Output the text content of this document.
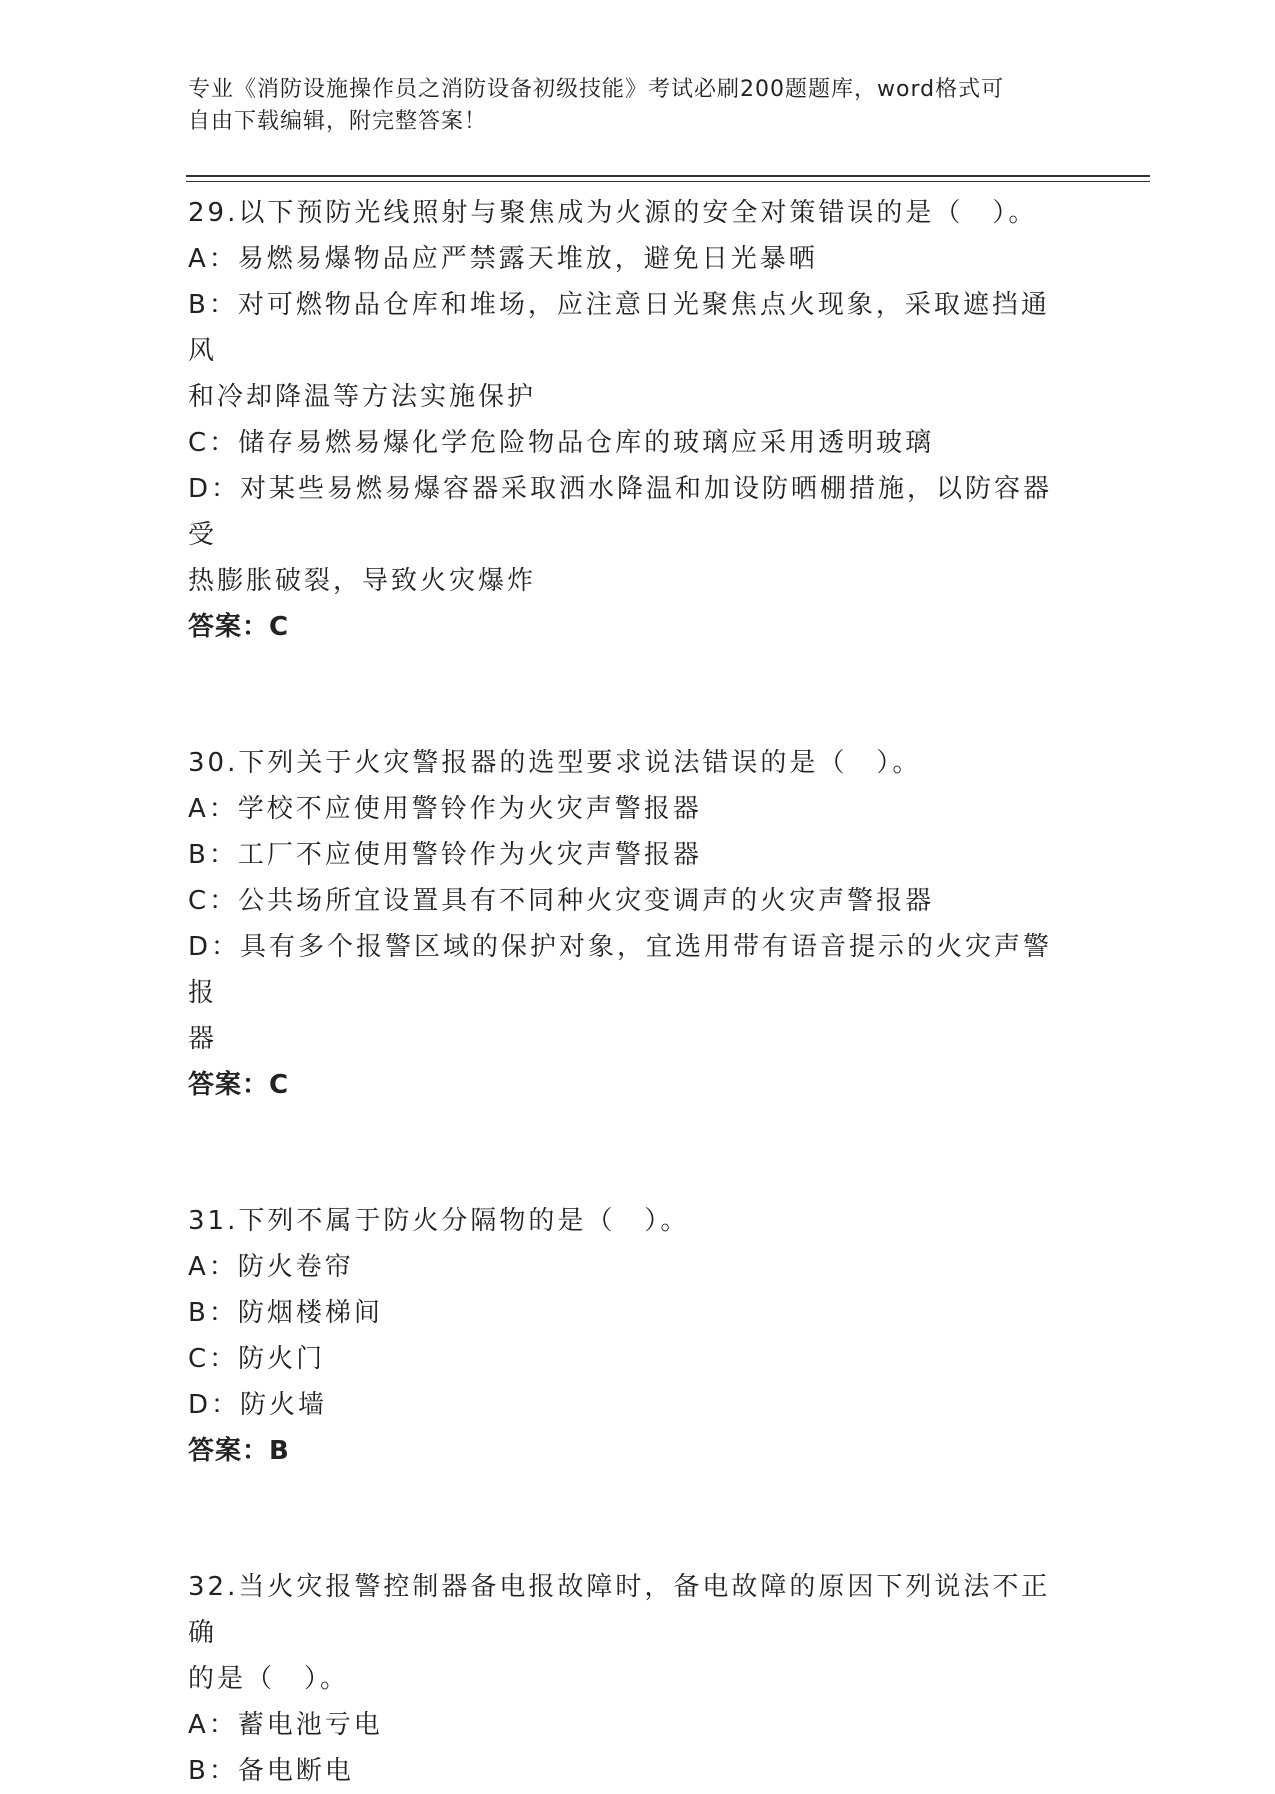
专业《消防设施操作员之消防设备初级技能》考试必刷200题题库，word格式可
自由下载编辑，附完整答案！
29.以下预防光线照射与聚焦成为火源的安全对策错误的是（　）。
A：易燃易爆物品应严禁露天堆放，避免日光暴晒
B：对可燃物品仓库和堆场，应注意日光聚焦点火现象，采取遮挡通风
和冷却降温等方法实施保护
C：储存易燃易爆化学危险物品仓库的玻璃应采用透明玻璃
D：对某些易燃易爆容器采取洒水降温和加设防晒棚措施，以防容器受
热膨胀破裂，导致火灾爆炸
答案：C
30.下列关于火灾警报器的选型要求说法错误的是（　）。
A：学校不应使用警铃作为火灾声警报器
B：工厂不应使用警铃作为火灾声警报器
C：公共场所宜设置具有不同种火灾变调声的火灾声警报器
D：具有多个报警区域的保护对象，宜选用带有语音提示的火灾声警报
器
答案：C
31.下列不属于防火分隔物的是（　）。
A：防火卷帘
B：防烟楼梯间
C：防火门
D：防火墙
答案：B
32.当火灾报警控制器备电报故障时，备电故障的原因下列说法不正确
的是（　）。
A：蓄电池亏电
B：备电断电
